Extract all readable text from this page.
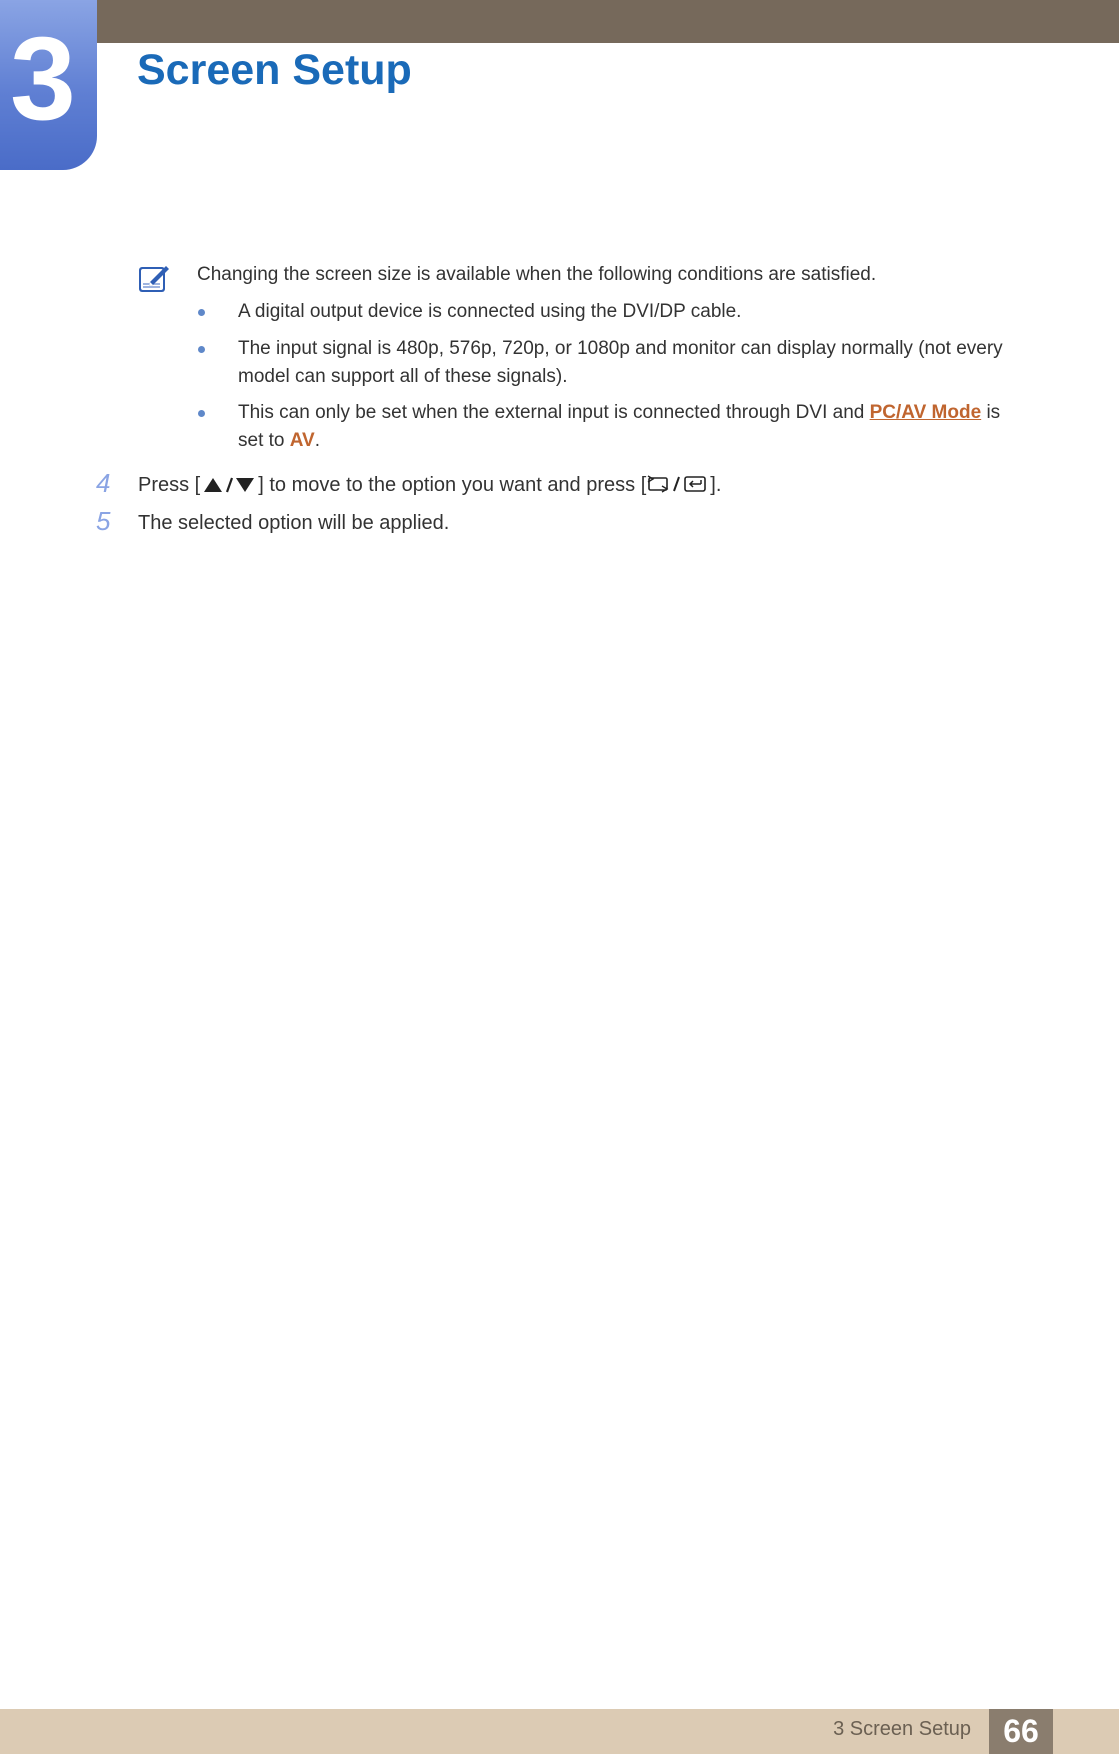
3 Screen Setup
Changing the screen size is available when the following conditions are satisfied.
A digital output device is connected using the DVI/DP cable.
The input signal is 480p, 576p, 720p, or 1080p and monitor can display normally (not every model can support all of these signals).
This can only be set when the external input is connected through DVI and PC/AV Mode is set to AV.
4 Press [	] to move to the option you want and press [	].
5 The selected option will be applied.
3 Screen Setup	66
